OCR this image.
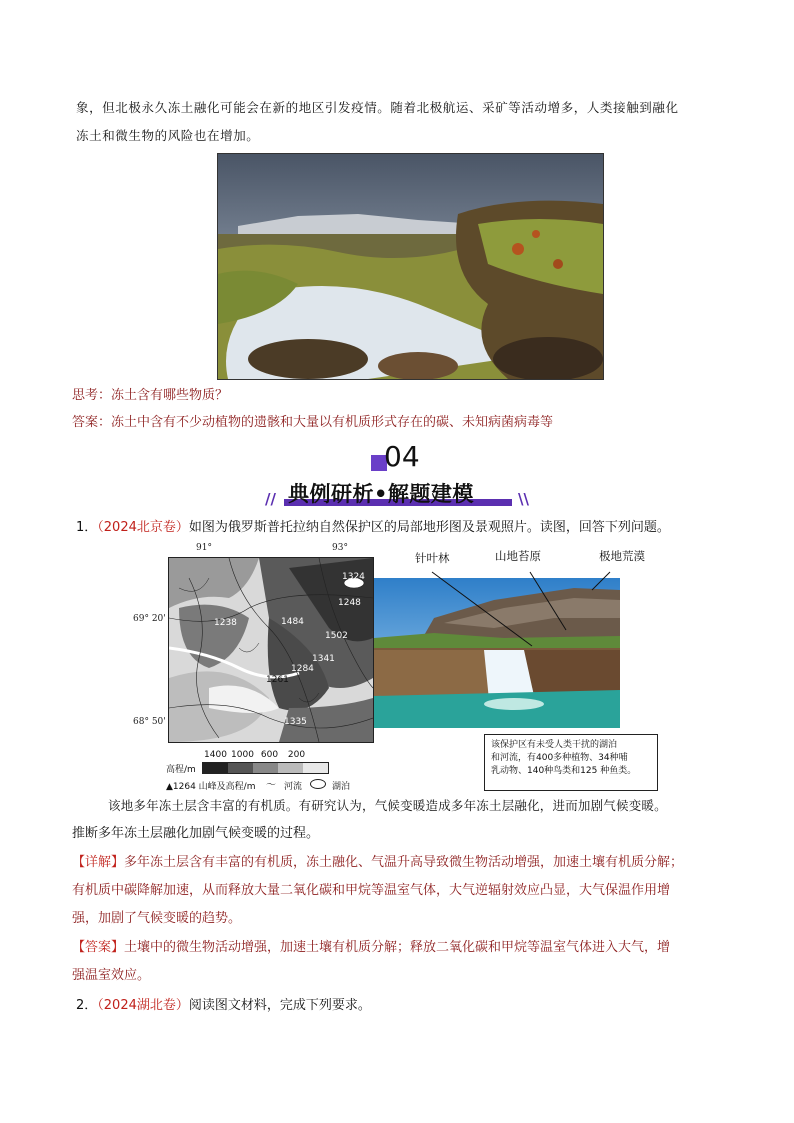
象，但北极永久冻土融化可能会在新的地区引发疫情。随着北极航运、采矿等活动增多，人类接触到融化
冻土和微生物的风险也在增加。
思考：冻土含有哪些物质？
答案：冻土中含有不少动植物的遗骸和大量以有机质形式存在的碳、未知病菌病毒等
04
//	\\
典例研析•解题建模
1．（2024北京卷）如图为俄罗斯普托拉纳自然保护区的局部地形图及景观照片。读图，回答下列问题。
91°	93°
69° 20'
68° 50'
1324
1248
1238	1484
1502
1341
1284
1261
1335
1400 1000 600	200
高程/m
▲1264 山峰及高程/m 〜 河流	湖泊
针叶林	山地苔原	极地荒漠
该保护区有未受人类干扰的湖泊
和河流，有400多种植物、34种哺
乳动物、140种鸟类和125 种鱼类。
该地多年冻土层含丰富的有机质。有研究认为，气候变暖造成多年冻土层融化，进而加剧气候变暖。
推断多年冻土层融化加剧气候变暖的过程。
【详解】多年冻土层含有丰富的有机质，冻土融化、气温升高导致微生物活动增强，加速土壤有机质分解；
有机质中碳降解加速，从而释放大量二氧化碳和甲烷等温室气体，大气逆辐射效应凸显，大气保温作用增
强，加剧了气候变暖的趋势。
【答案】土壤中的微生物活动增强，加速土壤有机质分解；释放二氧化碳和甲烷等温室气体进入大气，增
强温室效应。
2．（2024湖北卷）阅读图文材料，完成下列要求。
